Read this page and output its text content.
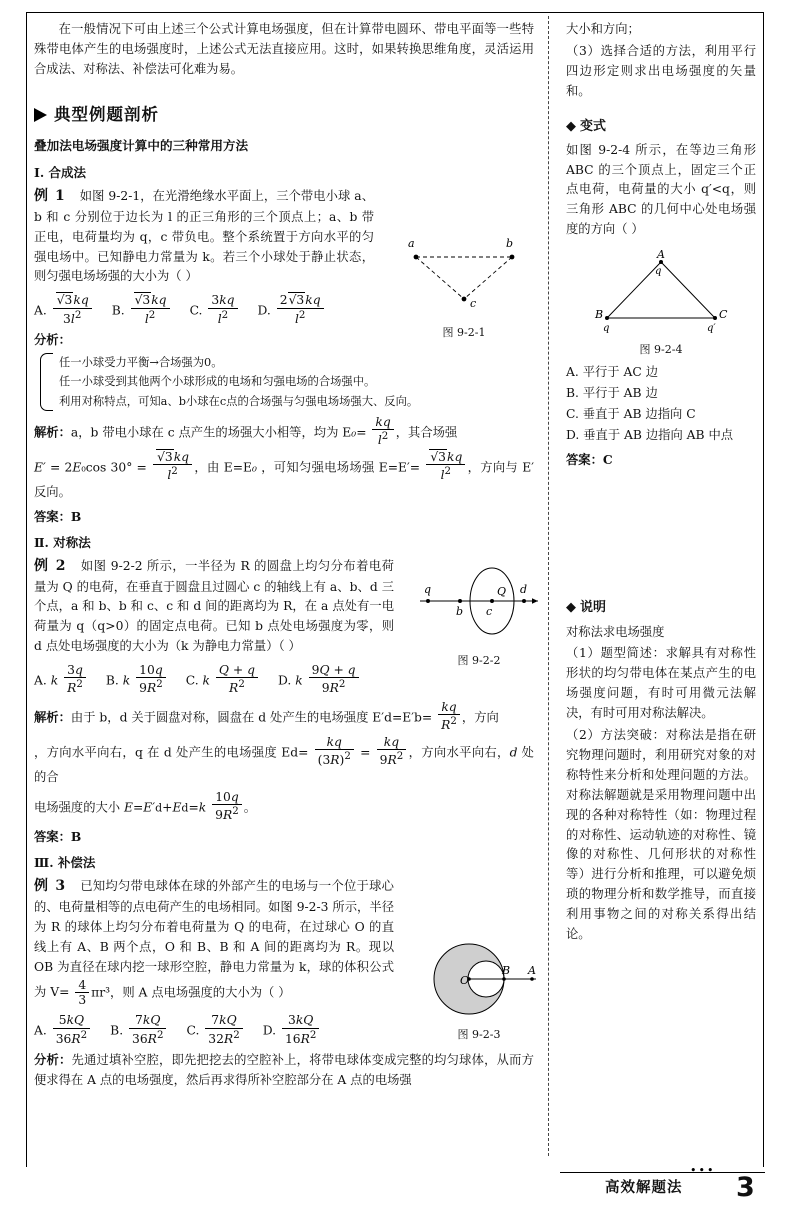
在一般情况下可由上述三个公式计算电场强度，但在计算带电圆环、带电平面等一些特殊带电体产生的电场强度时，上述公式无法直接应用。这时，如果转换思维角度，灵活运用合成法、对称法、补偿法可化难为易。

典型例题剖析
叠加法电场强度计算中的三种常用方法
Ⅰ. 合成法

例 1 如图 9-2-1，在光滑绝缘水平面上，三个带电小球 a、b 和 c 分别位于边长为 l 的正三角形的三个顶点上；a、b 带正电，电荷量均为 q，c 带负电。整个系统置于方向水平的匀强电场中。已知静电力常量为 k。若三个小球处于静止状态，则匀强电场场强的大小为（ ）

a	b
c
图 9-2-1
A. $\frac{√3kq}{3l^2} B$. $\frac{√3kq}{l^2} C$. $\frac{3kq}{l^2} D$. $\frac{2√3kq}{l^2}$

分析：

任一小球受力平衡→合场强为0。
任一小球受到其他两个小球形成的电场和匀强电场的合场强中。
利用对称特点，可知a、b小球在c点的合场强与匀强电场场强大、反向。

解析：a，b 带电小球在 c 点产生的场强大小相等，均为 $E_0= \frac{kq}{l^2}$ ，其合场强

E′ = 2E₀cos $30^\circ = \frac{√3kq}{l^2}$ ，由 E=E₀ ，可知匀强电场场强 $E=E'= \frac{√3kq}{l^2}$ ，方向与 E′ 反向。

答案：B

Ⅱ. 对称法

例 2 如图 9-2-2 所示，一半径为 R 的圆盘上均匀分布着电荷量为 Q 的电荷，在垂直于圆盘且过圆心 c 的轴线上有 a、b、d 三个点，a 和 b、b 和 c、c 和 d 间的距离均为 R，在 a 点处有一电荷量为 q（q>0）的固定点电荷。已知 b 点处电场强度为零，则 d 点处电场强度的大小为（k 为静电力常量）（ ）

q
b c
d
Q
图 9-2-2
A. k $\frac{3q}{R^2} B$. k $\frac{10q}{9R^2} C$. k $\frac{Q + q}{R^2} D$. k $\frac{9Q + q}{9R^2}$

解析：由于 b，d 关于圆盘对称，圆盘在 d 处产生的电场强度 $E'd=E'b= \frac{kq}{R^2}$ ，方向

，方向水平向右，q 在 d 处产生的电场强度 $Ed= \frac{kq}{(3R)^2} = \frac{kq}{9R^2}$ ，方向水平向右，d 处的合

电场强度的大小 $E=E'd+Ed=k \frac{10q}{9R^2}$ 。

答案：B

Ⅲ. 补偿法

例 3 已知均匀带电球体在球的外部产生的电场与一个位于球心的、电荷量相等的点电荷产生的电场相同。如图 9-2-3 所示，半径为 R 的球体上均匀分布着电荷量为 Q 的电荷，在过球心 O 的直线上有 A、B 两个点，O 和 B、B 和 A 间的距离均为 R。现以 OB 为直径在球内挖一球形空腔，静电力常量为 k，球的体积公式为 $V= \frac{4}{3} \pi r^3$，则 A 点电场强度的大小为（ ）

O
B A
图 9-2-3
A. $\frac{5kQ}{36R^2} B$. $\frac{7kQ}{36R^2} C$. $\frac{7kQ}{32R^2} D$. $\frac{3kQ}{16R^2}$

分析：先通过填补空腔，即先把挖去的空腔补上，将带电球体变成完整的均匀球体，从而方便求得在 A 点的电场强度，然后再求得所补空腔部分在 A 点的电场强

大小和方向；

（3）选择合适的方法，利用平行四边形定则求出电场强度的矢量和。

◆ 变式

如图 9-2-4 所示，在等边三角形 ABC 的三个顶点上，固定三个正点电荷，电荷量的大小 q′<q，则三角形 ABC 的几何中心处电场强度的方向（ ）

A
q
B
q
C
q′
图 9-2-4
A. 平行于 AC 边
B. 平行于 AB 边
C. 垂直于 AB 边指向 C
D. 垂直于 AB 边指向 AB 中点

答案：C

◆ 说明

对称法求电场强度

（1）题型简述：求解具有对称性形状的均匀带电体在某点产生的电场强度问题，有时可用微元法解决，有时可用对称法解决。

（2）方法突破：对称法是指在研究物理问题时，利用研究对象的对称特性来分析和处理问题的方法。对称法解题就是采用物理问题中出现的各种对称特性（如：物理过程的对称性、运动轨迹的对称性、镜像的对称性、几何形状的对称性等）进行分析和推理，可以避免烦琐的物理分析和数学推导，而直接利用事物之间的对称关系得出结论。

•••
高效解题法 3
